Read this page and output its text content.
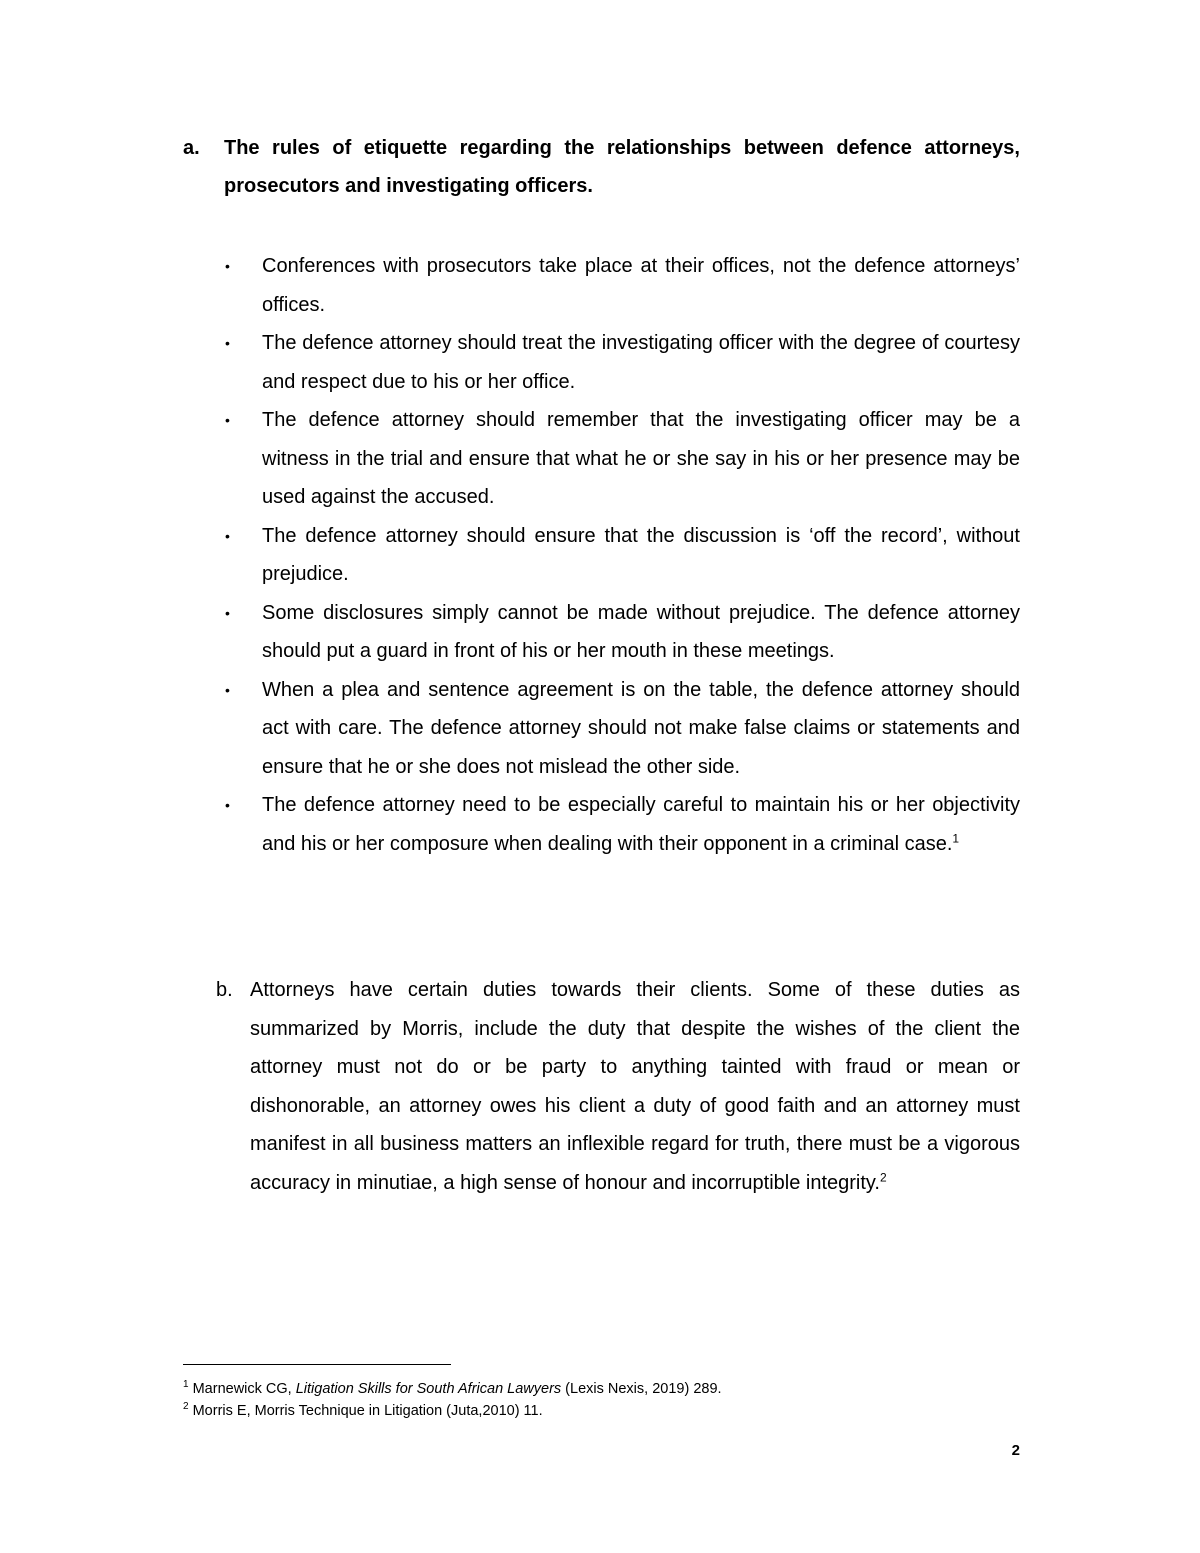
a.	The rules of etiquette regarding the relationships between defence attorneys, prosecutors and investigating officers.
•	Conferences with prosecutors take place at their offices, not the defence attorneys’ offices.
•	The defence attorney should treat the investigating officer with the degree of courtesy and respect due to his or her office.
•	The defence attorney should remember that the investigating officer may be a witness in the trial and ensure that what he or she say in his or her presence may be used against the accused.
•	The defence attorney should ensure that the discussion is ‘off the record’, without prejudice.
•	Some disclosures simply cannot be made without prejudice. The defence attorney should put a guard in front of his or her mouth in these meetings.
•	When a plea and sentence agreement is on the table, the defence attorney should act with care. The defence attorney should not make false claims or statements and ensure that he or she does not mislead the other side.
•	The defence attorney need to be especially careful to maintain his or her objectivity and his or her composure when dealing with their opponent in a criminal case.$^1$
b. Attorneys have certain duties towards their clients. Some of these duties as summarized by Morris, include the duty that despite the wishes of the client the attorney must not do or be party to anything tainted with fraud or mean or dishonorable, an attorney owes his client a duty of good faith and an attorney must manifest in all business matters an inflexible regard for truth, there must be a vigorous accuracy in minutiae, a high sense of honour and incorruptible integrity.$^2$
$^1$ Marnewick CG, Litigation Skills for South African Lawyers (Lexis Nexis, 2019) 289.
$^2$ Morris E, Morris Technique in Litigation (Juta,2010) 11.
2
